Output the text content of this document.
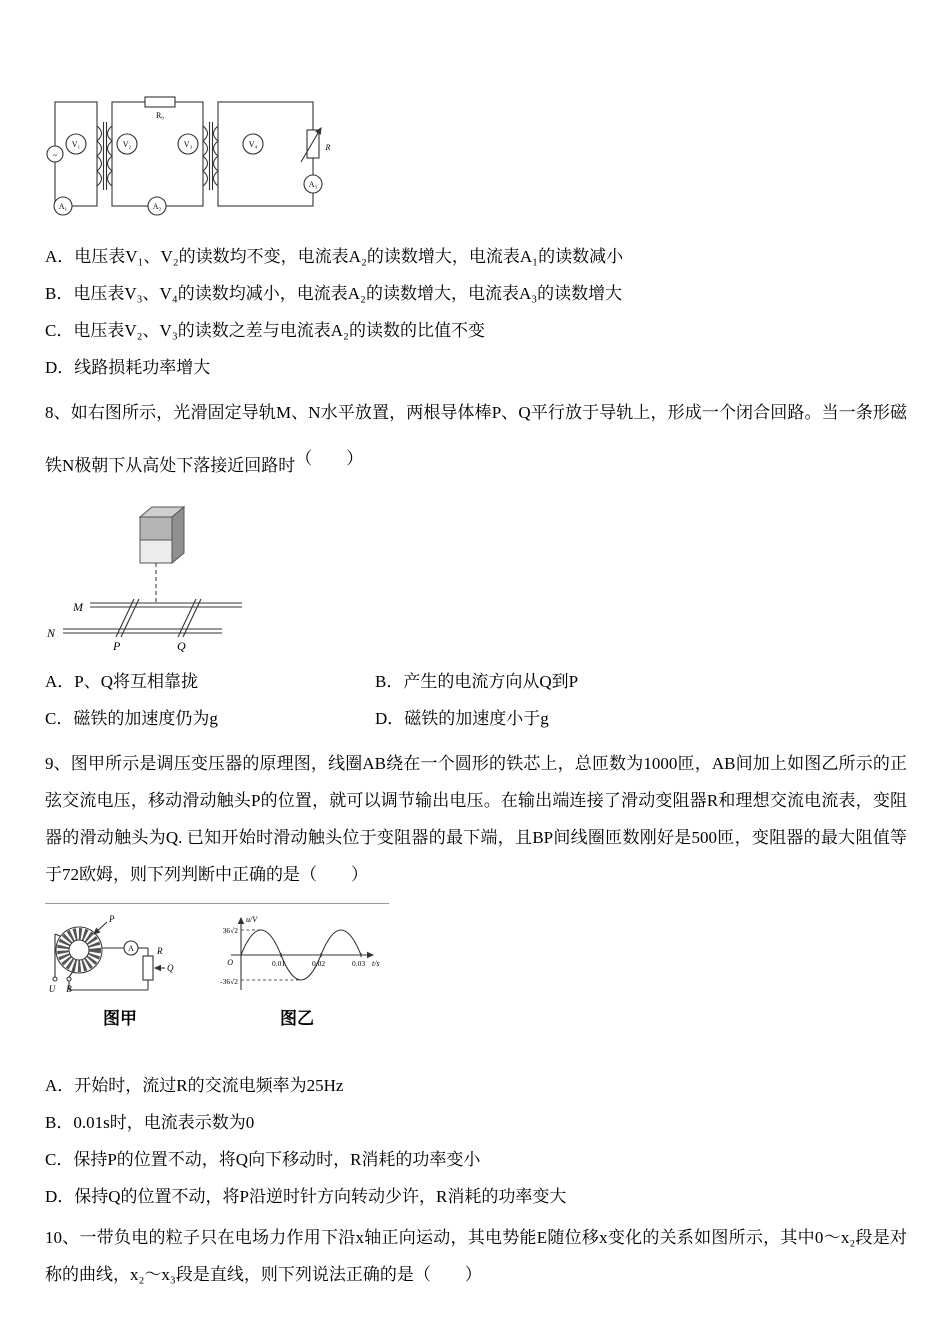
~
V₁
A₁
R₀
V₂	V₃
A₂
V₄	R
A₃

A．电压表V₁、V₂的读数均不变，电流表A₂的读数增大，电流表A₁的读数减小

B．电压表V₃、V₄的读数均减小，电流表A₂的读数增大，电流表A₃的读数增大

C．电压表V₂、V₃的读数之差与电流表A₂的读数的比值不变

D．线路损耗功率增大

8、如右图所示，光滑固定导轨M、N水平放置，两根导体棒P、Q平行放于导轨上，形成一个闭合回路。当一条形磁铁N极朝下从高处下落接近回路时（　　）

M
N
P	Q
A．P、Q将互相靠拢	B．产生的电流方向从Q到P
C．磁铁的加速度仍为g	D．磁铁的加速度小于g

9、图甲所示是调压变压器的原理图，线圈AB绕在一个圆形的铁芯上，总匝数为1000匝，AB间加上如图乙所示的正弦交流电压，移动滑动触头P的位置，就可以调节输出电压。在输出端连接了滑动变阻器R和理想交流电流表，变阻器的滑动触头为Q. 已知开始时滑动触头位于变阻器的最下端，且BP间线圈匝数刚好是500匝，变阻器的最大阻值等于72欧姆，则下列判断中正确的是（　　）

P
A
Q
R
U B
图甲
u/V
t/s
O
36√2
-36√2
0.01	0.02	0.03
图乙

A．开始时，流过R的交流电频率为25Hz

B．0.01s时，电流表示数为0

C．保持P的位置不动，将Q向下移动时，R消耗的功率变小

D．保持Q的位置不动，将P沿逆时针方向转动少许，R消耗的功率变大

10、一带负电的粒子只在电场力作用下沿x轴正向运动，其电势能E随位移x变化的关系如图所示，其中0～x₂段是对称的曲线，x₂～x₃段是直线，则下列说法正确的是（　　）
